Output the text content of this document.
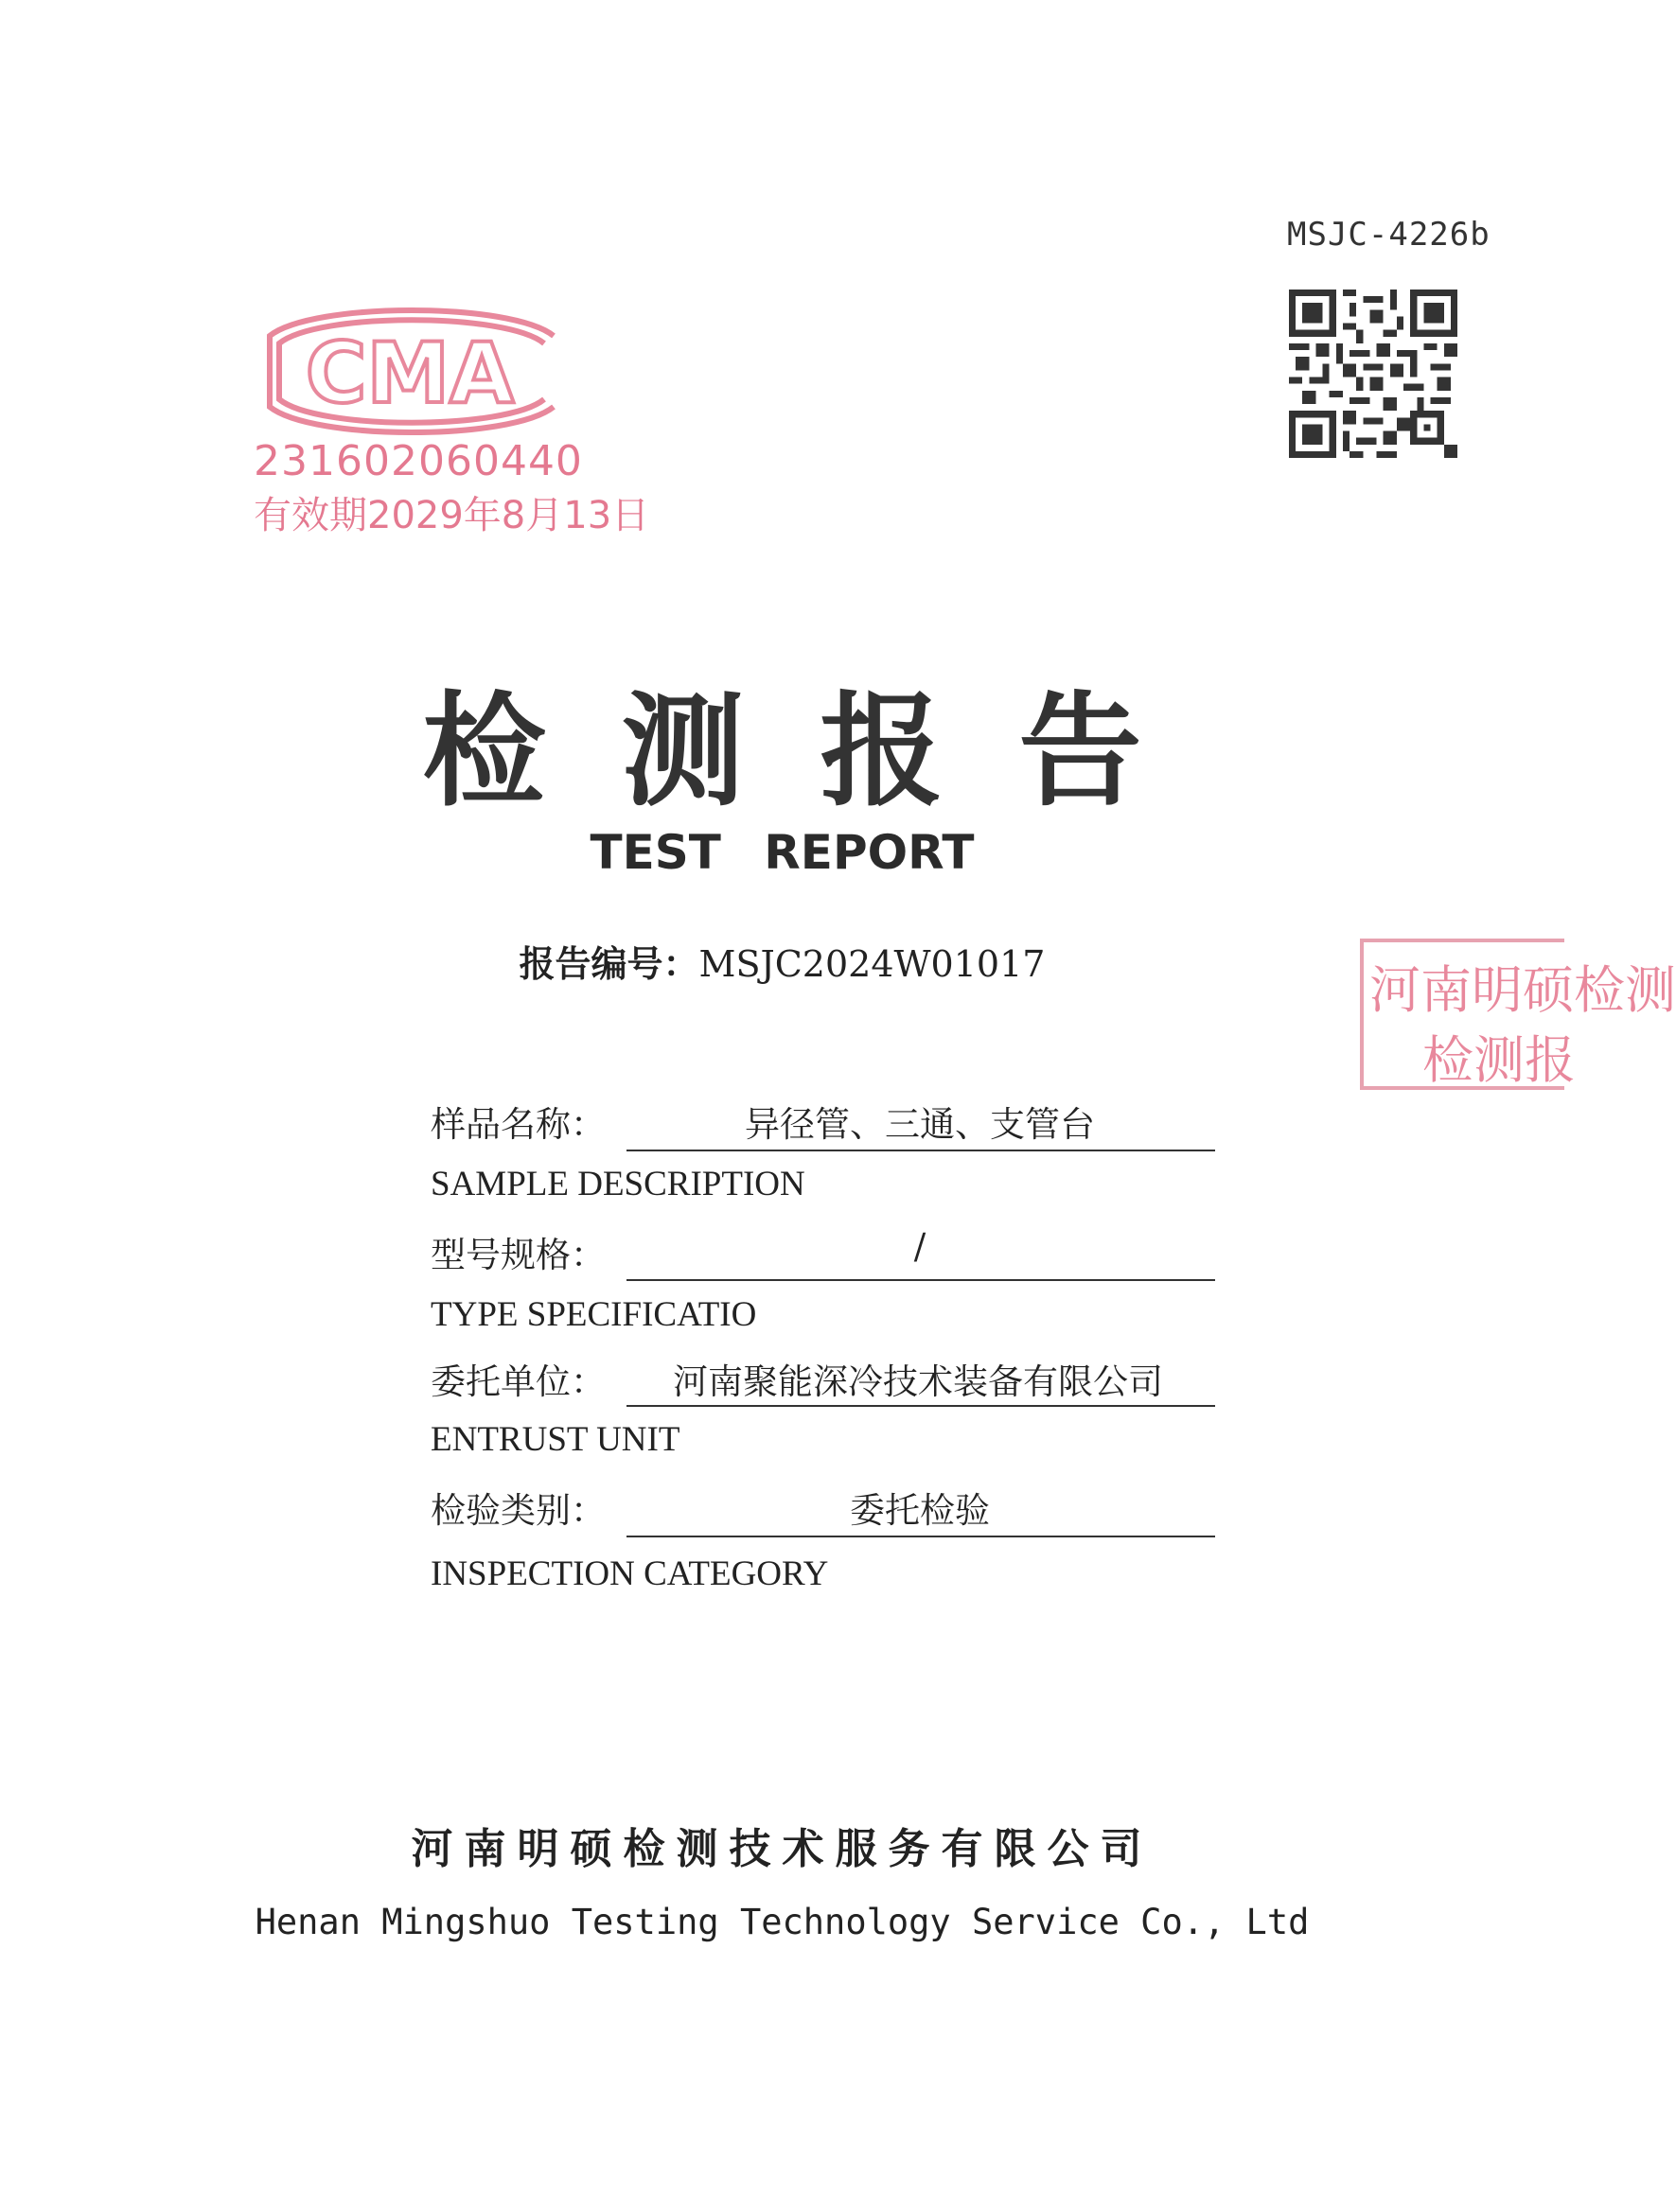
MSJC-4226b
CMA
231602060440
有效期2029年8月13日
检测报告
TEST REPORT
报告编号：MSJC2024W01017	河南明硕检测
检测报
样品名称：	异径管、三通、支管台
SAMPLE DESCRIPTION
型号规格：	/
TYPE SPECIFICATIO
委托单位：	河南聚能深冷技术装备有限公司
ENTRUST UNIT
检验类别：	委托检验
INSPECTION CATEGORY
河南明硕检测技术服务有限公司
Henan Mingshuo Testing Technology Service Co., Ltd
